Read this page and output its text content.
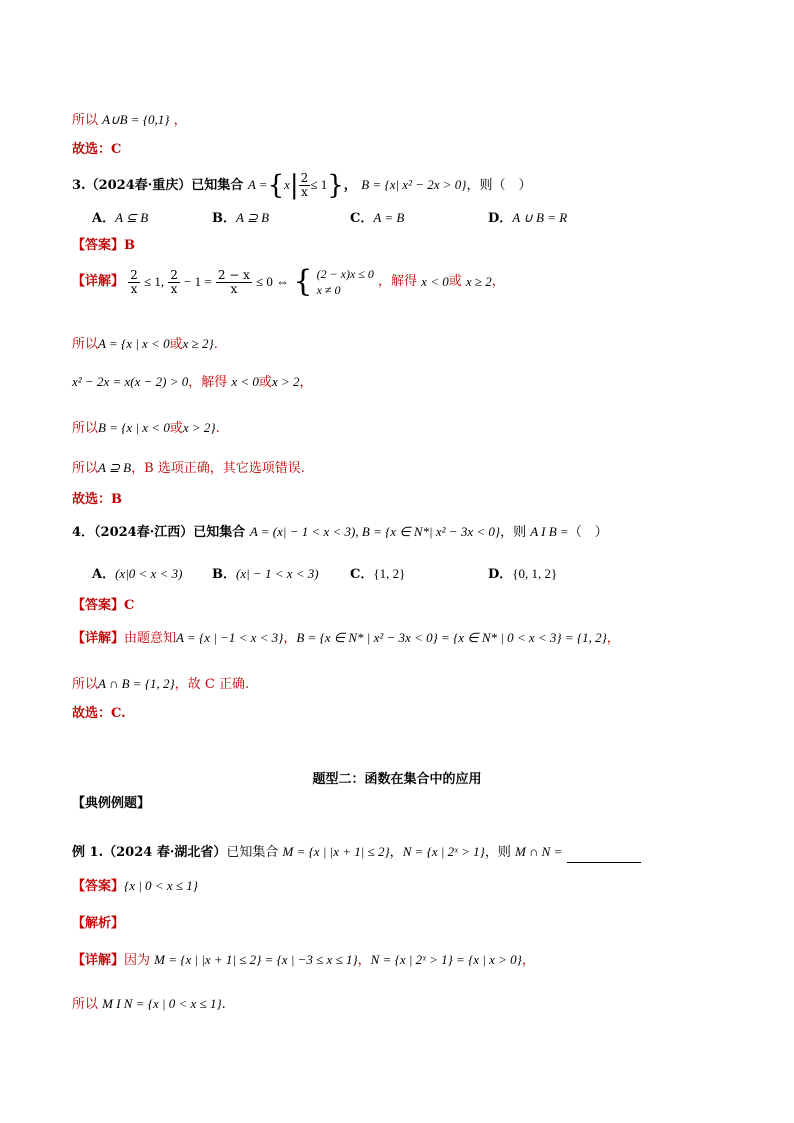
所以 A∪B = {0,1} ，
故选：C
3.（2024春·重庆）已知集合 $A =\{x| \frac{2}{x} \le 1\}$， B = {x| x² − 2x > 0}，则（　）
A．A ⊆ B	B．A ⊇ B	C．A = B	D．A ∪ B = R
【答案】B
【详解】 $\frac{2}{x} \le 1$, $\frac{2}{x} - 1 = \frac{2 - x}{x} \le 0$ ⇔ { (2 − x)x ≤ 0
x ≠ 0
，解得 x < 0或 x ≥ 2，
所以A = {x | x < 0或x ≥ 2}.
x² − 2x = x(x − 2) > 0，解得 x < 0或x > 2，
所以B = {x | x < 0或x > 2}.
所以A ⊇ B，B 选项正确，其它选项错误.
故选：B
4．（2024春·江西）已知集合 A = (x| − 1 < x < 3), B = {x ∈ N*| x² − 3x < 0}，则 A I B =（　）
A．(x|0 < x < 3) B．(x| − 1 < x < 3) C．{1, 2}	D．{0, 1, 2}
【答案】C
【详解】由题意知A = {x | −1 < x < 3}，B = {x ∈ N* | x² − 3x < 0} = {x ∈ N* | 0 < x < 3} = {1, 2}，
所以A ∩ B = {1, 2}，故 C 正确.
故选：C.
题型二：函数在集合中的应用
【典例例题】
例 1.（2024 春·湖北省）已知集合 M = {x | |x + 1| ≤ 2}，N = {x | 2ˣ > 1}，则 M ∩ N =
【答案】{x | 0 < x ≤ 1}
【解析】
【详解】因为 M = {x | |x + 1| ≤ 2} = {x | −3 ≤ x ≤ 1}，N = {x | 2ˣ > 1} = {x | x > 0}，
所以 M I N = {x | 0 < x ≤ 1}.
